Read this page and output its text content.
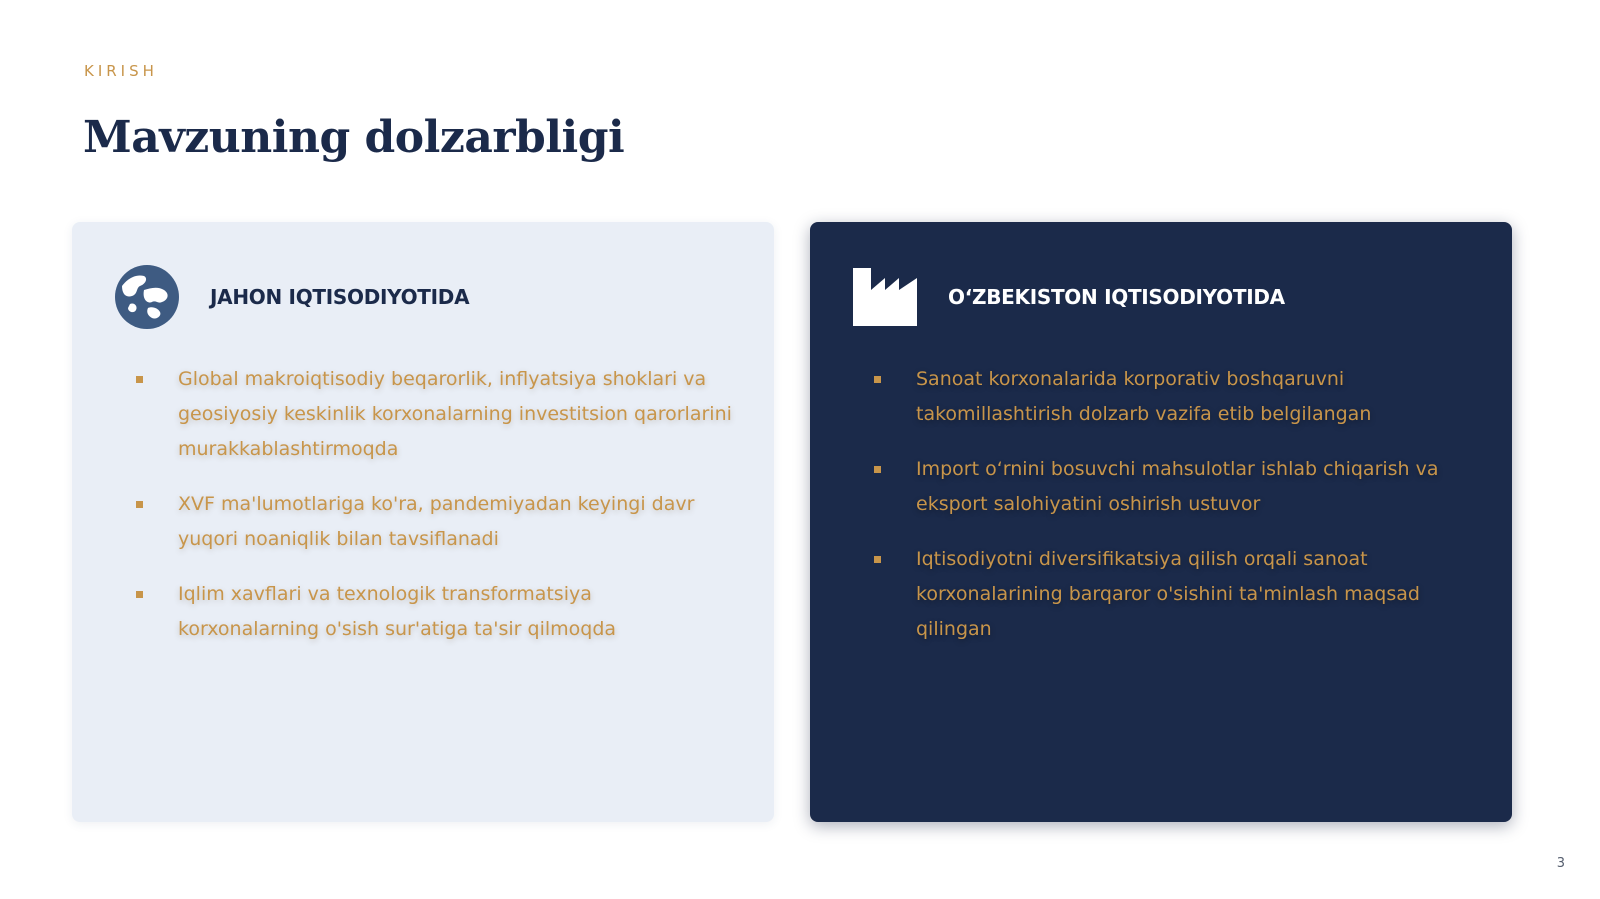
KIRISH
Mavzuning dolzarbligi
JAHON IQTISODIYOTIDA
Global makroiqtisodiy beqarorlik, inflyatsiya shoklari va geosiyosiy keskinlik korxonalarning investitsion qarorlarini murakkablashtirmoqda
XVF ma'lumotlariga ko'ra, pandemiyadan keyingi davr yuqori noaniqlik bilan tavsiflanadi
Iqlim xavflari va texnologik transformatsiya korxonalarning o'sish sur'atiga ta'sir qilmoqda
O‘ZBEKISTON IQTISODIYOTIDA
Sanoat korxonalarida korporativ boshqaruvni takomillashtirish dolzarb vazifa etib belgilangan
Import o‘rnini bosuvchi mahsulotlar ishlab chiqarish va eksport salohiyatini oshirish ustuvor
Iqtisodiyotni diversifikatsiya qilish orqali sanoat korxonalarining barqaror o'sishini ta'minlash maqsad qilingan
3
